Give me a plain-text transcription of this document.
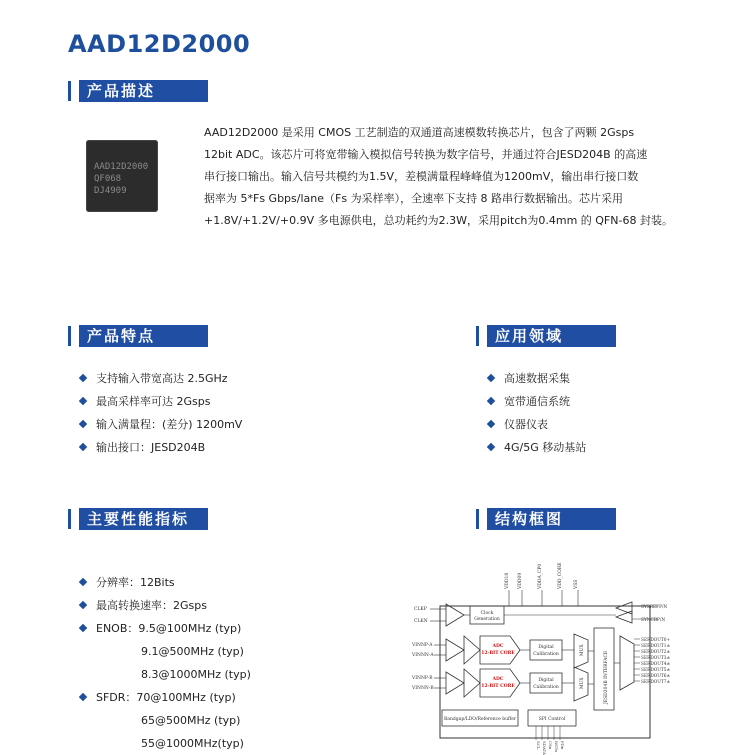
AAD12D2000
产品描述
AAD12D2000
QF068
DJ4909

AAD12D2000 是采用 CMOS 工艺制造的双通道高速模数转换芯片，包含了两颗 2Gsps

12bit ADC。该芯片可将宽带输入模拟信号转换为数字信号，并通过符合JESD204B 的高速

串行接口输出。输入信号共模约为1.5V，差模满量程峰峰值为1200mV，输出串行接口数

据率为 5*Fs Gbps/lane（Fs 为采样率），全速率下支持 8 路串行数据输出。芯片采用

+1.8V/+1.2V/+0.9V 多电源供电，总功耗约为2.3W，采用pitch为0.4mm 的 QFN-68 封装。

产品特点
支持输入带宽高达 2.5GHz
最高采样率可达 2Gsps
输入满量程：(差分) 1200mV
输出接口：JESD204B
应用领域
高速数据采集
宽带通信系统
仪器仪表
4G/5G 移动基站
主要性能指标
分辨率：12Bits
最高转换速率：2Gsps
ENOB：9.5@100MHz (typ)
9.1@500MHz (typ)
8.3@1000MHz (typ)
SFDR：70@100MHz (typ)
65@500MHz (typ)
55@1000MHz(typ)
结构框图
VDD18 VDD09	VDDA_CP0	VDD_CORE VSS
CLKP
CLKN
VINNP-A
VINNN-A
VINNP-B
VINNN-B
Clock
Generation
ADC
12-BIT CORE
ADC
12-BIT CORE
Digital
Calibration
Digital
Calibration
MUX
MUX	JESD204B INTERFACE
SYSREFP/N
SYNCBP/N
SERDOUT0+
SERDOUT1±
SERDOUT2±
SERDOUT3±
SERDOUT4±
SERDOUT5±
SERDOUT6±
SERDOUT7±
Bandgap/LDO/Reference buffer	SPI Control
SCL SDATA CSn RSTn PDn
